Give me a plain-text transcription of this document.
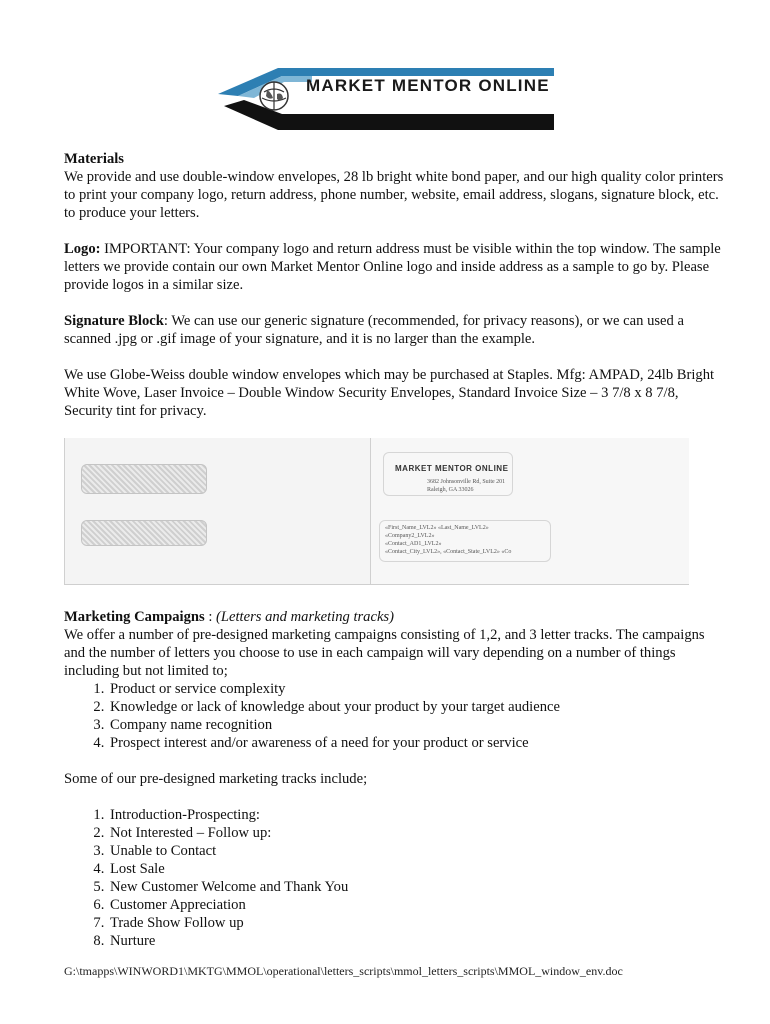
MARKET MENTOR ONLINE
Materials
We provide and use double-window envelopes, 28 lb bright white bond paper, and our high quality color printers to print your company logo, return address, phone number, website, email address, slogans, signature block, etc. to produce your letters.
Logo: IMPORTANT: Your company logo and return address must be visible within the top window. The sample letters we provide contain our own Market Mentor Online logo and inside address as a sample to go by. Please provide logos in a similar size.
Signature Block: We can use our generic signature (recommended, for privacy reasons), or we can used a scanned .jpg or .gif image of your signature, and it is no larger than the example.
We use Globe-Weiss double window envelopes which may be purchased at Staples. Mfg: AMPAD, 24lb Bright White Wove, Laser Invoice – Double Window Security Envelopes, Standard Invoice Size – 3 7/8 x 8 7/8, Security tint for privacy.
MARKET MENTOR ONLINE
3682 Johnsonville Rd, Suite 201
Raleigh, GA 33026
«First_Name_LVL2» «Last_Name_LVL2»
«Company2_LVL2»
«Contact_AD1_LVL2»
«Contact_City_LVL2», «Contact_State_LVL2» «Co
Marketing Campaigns : (Letters and marketing tracks)
We offer a number of pre-designed marketing campaigns consisting of 1,2, and 3 letter tracks. The campaigns and the number of letters you choose to use in each campaign will vary depending on a number of things including but not limited to;
1. Product or service complexity
2. Knowledge or lack of knowledge about your product by your target audience
3. Company name recognition
4. Prospect interest and/or awareness of a need for your product or service
Some of our pre-designed marketing tracks include;
1. Introduction-Prospecting:
2. Not Interested – Follow up:
3. Unable to Contact
4. Lost Sale
5. New Customer Welcome and Thank You
6. Customer Appreciation
7. Trade Show Follow up
8. Nurture
G:\tmapps\WINWORD1\MKTG\MMOL\operational\letters_scripts\mmol_letters_scripts\MMOL_window_env.doc
